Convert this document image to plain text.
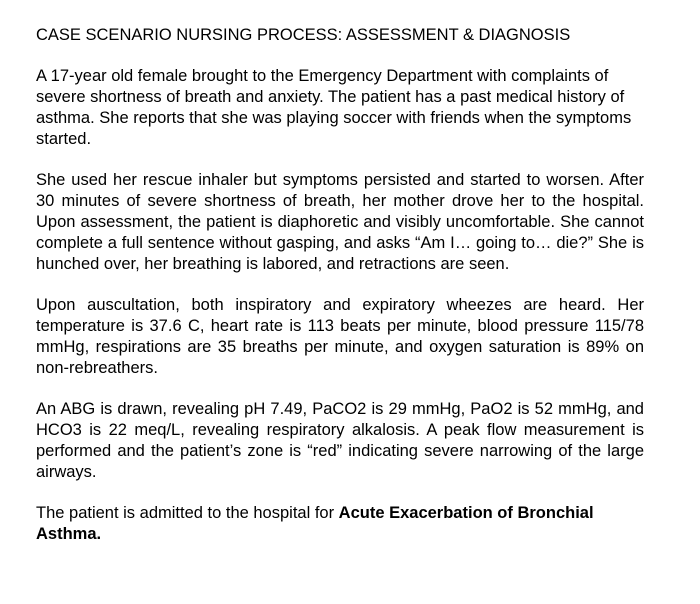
CASE SCENARIO NURSING PROCESS: ASSESSMENT & DIAGNOSIS

A 17-year old female brought to the Emergency Department with complaints of severe shortness of breath and anxiety. The patient has a past medical history of asthma. She reports that she was playing soccer with friends when the symptoms started.

She used her rescue inhaler but symptoms persisted and started to worsen. After 30 minutes of severe shortness of breath, her mother drove her to the hospital. Upon assessment, the patient is diaphoretic and visibly uncomfortable. She cannot complete a full sentence without gasping, and asks “Am I… going to… die?” She is hunched over, her breathing is labored, and retractions are seen.

Upon auscultation, both inspiratory and expiratory wheezes are heard. Her temperature is 37.6 C, heart rate is 113 beats per minute, blood pressure 115/78 mmHg, respirations are 35 breaths per minute, and oxygen saturation is 89% on non-rebreathers.

An ABG is drawn, revealing pH 7.49, PaCO2 is 29 mmHg, PaO2 is 52 mmHg, and HCO3 is 22 meq/L, revealing respiratory alkalosis. A peak flow measurement is performed and the patient’s zone is “red” indicating severe narrowing of the large airways.

The patient is admitted to the hospital for Acute Exacerbation of Bronchial Asthma.
